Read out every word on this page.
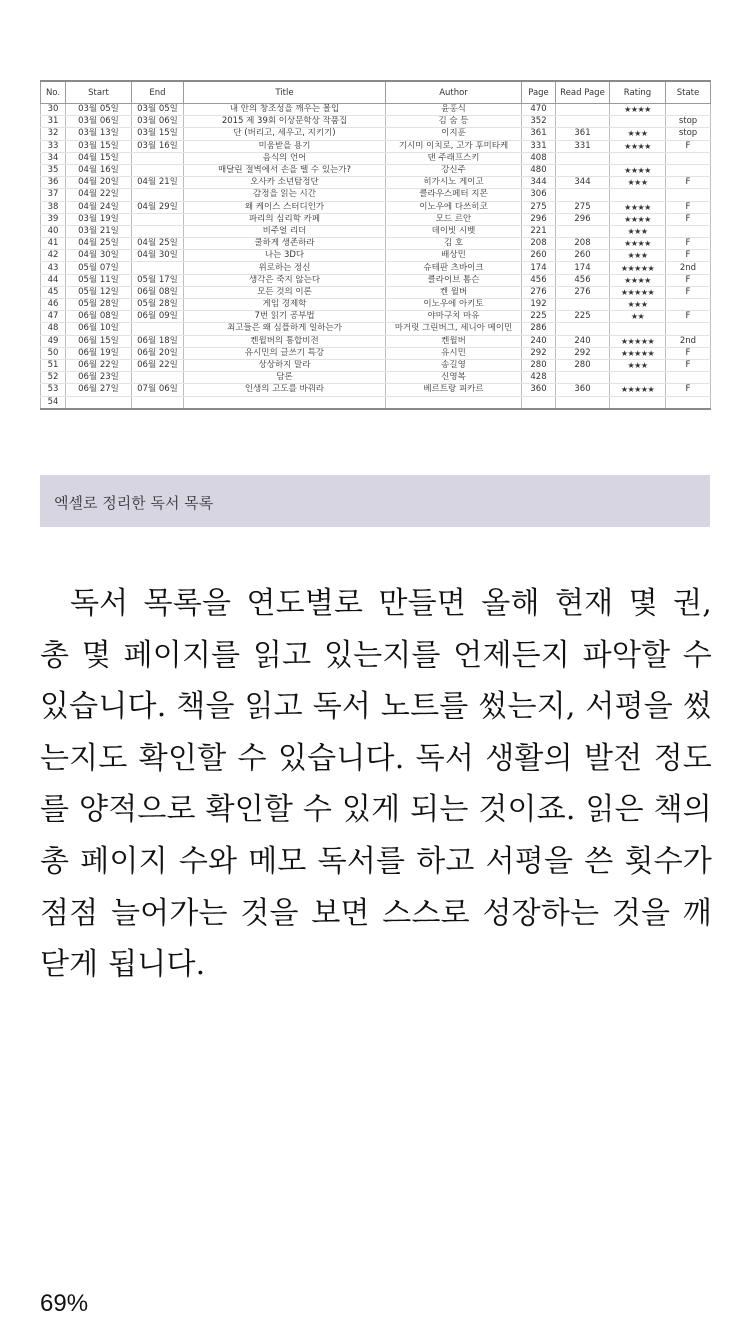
No.	Start	End	Title	Author	Page	Read Page	Rating	State
30	03월 05일	03월 05일	내 안의 창조성을 깨우는 몰입	윤홍식	470		★★★★	
31	03월 06일	03월 06일	2015 제 39회 이상문학상 작품집	김 숨 등	352			stop
32	03월 13일	03월 15일	단 (버리고, 세우고, 지키기)	이지훈	361	361	★★★	stop
33	03월 15일	03월 16일	미움받을 용기	기시미 이치로, 고가 후미타케	331	331	★★★★	F
34	04월 15일		음식의 언어	댄 주래프스키	408			
35	04월 16일		매달린 절벽에서 손을 뗄 수 있는가?	강신주	480		★★★★	
36	04월 20일	04월 21일	오사카 소년탐정단	히가시노 게이고	344	344	★★★	F
37	04월 22일		감정을 읽는 시간	클라우스페터 지몬	306			
38	04월 24일	04월 29일	왜 케이스 스터디인가	이노우에 다쓰히코	275	275	★★★★	F
39	03월 19일		파리의 심리학 카페	모드 르안	296	296	★★★★	F
40	03월 21일		비주얼 리더	데이빗 시벳	221		★★★	
41	04월 25일	04월 25일	쿨하게 생존하라	김 호	208	208	★★★★	F
42	04월 30일	04월 30일	나는 3D다	배상민	260	260	★★★	F
43	05월 07일		위로하는 정신	슈테판 츠바이크	174	174	★★★★★	2nd
44	05월 11일	05월 17일	생각은 죽지 않는다	클라이브 톰슨	456	456	★★★★	F
45	05월 12일	06월 08일	모든 것의 이론	켄 윌버	276	276	★★★★★	F
46	05월 28일	05월 28일	게임 경제학	이노우에 아키토	192		★★★	
47	06월 08일	06월 09일	7번 읽기 공부법	야마구치 마유	225	225	★★	F
48	06월 10일		최고들은 왜 심플하게 일하는가	마거릿 그린버그, 세니아 메이민	286			
49	06월 15일	06월 18일	켄윌버의 통합비전	켄윌버	240	240	★★★★★	2nd
50	06월 19일	06월 20일	유시민의 글쓰기 특강	유시민	292	292	★★★★★	F
51	06월 22일	06월 22일	상상하지 말라	송길영	280	280	★★★	F
52	06월 23일		담론	신영복	428			
53	06월 27일	07월 06일	인생의 고도를 바꿔라	베르트랑 피카르	360	360	★★★★★	F
54								
엑셀로 정리한 독서 목록

독서 목록을 연도별로 만들면 올해 현재 몇 권, 총 몇 페이지를 읽고 있는지를 언제든지 파악할 수 있습니다. 책을 읽고 독서 노트를 썼는지, 서평을 썼는지도 확인할 수 있습니다. 독서 생활의 발전 정도를 양적으로 확인할 수 있게 되는 것이죠. 읽은 책의 총 페이지 수와 메모 독서를 하고 서평을 쓴 횟수가 점점 늘어가는 것을 보면 스스로 성장하는 것을 깨닫게 됩니다.

69%
